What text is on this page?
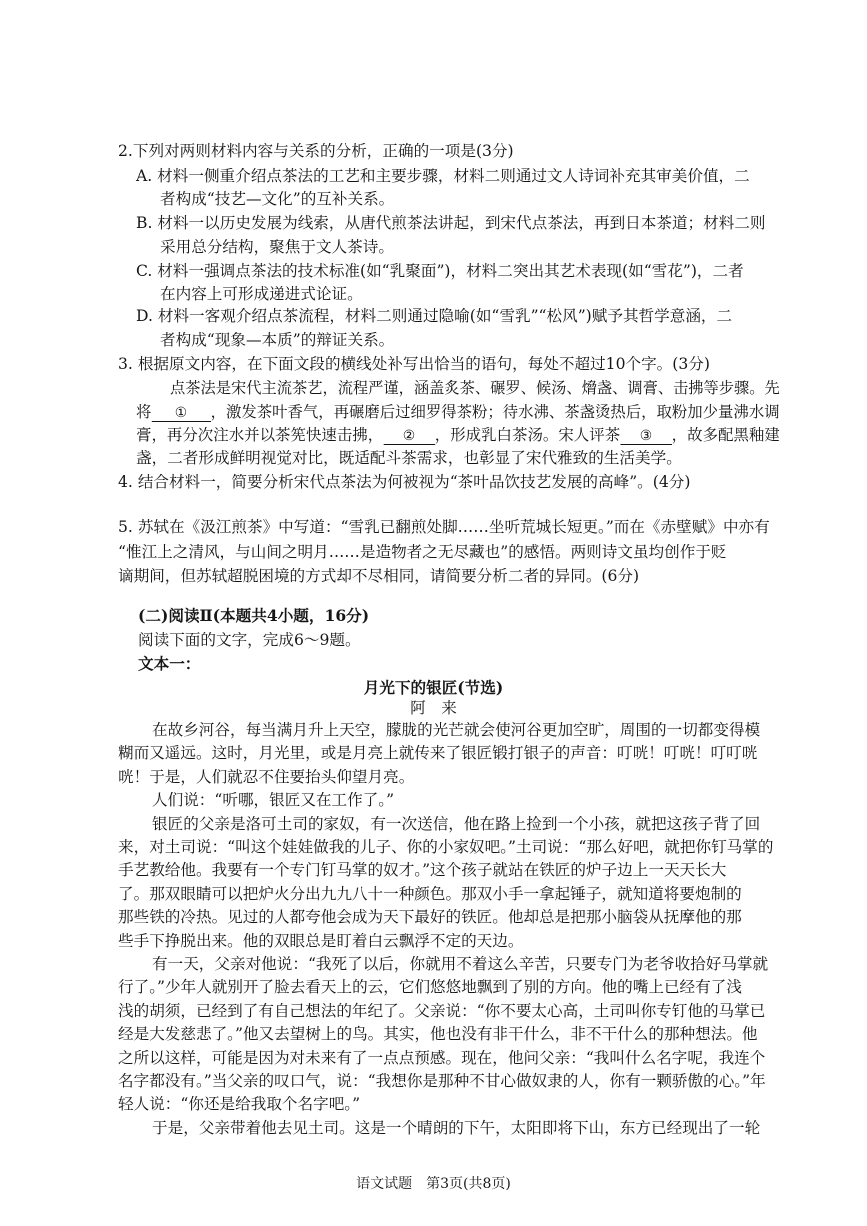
2.下列对两则材料内容与关系的分析，正确的一项是(3分)
A. 材料一侧重介绍点茶法的工艺和主要步骤，材料二则通过文人诗词补充其审美价值，二
者构成“技艺—文化”的互补关系。
B. 材料一以历史发展为线索，从唐代煎茶法讲起，到宋代点茶法，再到日本茶道；材料二则
采用总分结构，聚焦于文人茶诗。
C. 材料一强调点茶法的技术标准(如“乳聚面”)，材料二突出其艺术表现(如“雪花”)，二者
在内容上可形成递进式论证。
D. 材料一客观介绍点茶流程，材料二则通过隐喻(如“雪乳”“松风”)赋予其哲学意涵，二
者构成“现象—本质”的辩证关系。
3. 根据原文内容，在下面文段的横线处补写出恰当的语句，每处不超过10个字。(3分)
点茶法是宋代主流茶艺，流程严谨，涵盖炙茶、碾罗、候汤、熁盏、调膏、击拂等步骤。先
将 ① ，激发茶叶香气，再碾磨后过细罗得茶粉；待水沸、茶盏烫热后，取粉加少量沸水调
膏，再分次注水并以茶筅快速击拂， ② ，形成乳白茶汤。宋人评茶 ③ ，故多配黑釉建
盏，二者形成鲜明视觉对比，既适配斗茶需求，也彰显了宋代雅致的生活美学。
4. 结合材料一，简要分析宋代点茶法为何被视为“茶叶品饮技艺发展的高峰”。(4分)
5. 苏轼在《汲江煎茶》中写道：“雪乳已翻煎处脚……坐听荒城长短更。”而在《赤壁赋》中亦有
“惟江上之清风，与山间之明月……是造物者之无尽藏也”的感悟。两则诗文虽均创作于贬
谪期间，但苏轼超脱困境的方式却不尽相同，请简要分析二者的异同。(6分)
(二)阅读Ⅱ(本题共4小题，16分)
阅读下面的文字，完成6～9题。
文本一：
月光下的银匠(节选)
阿　来
在故乡河谷，每当满月升上天空，朦胧的光芒就会使河谷更加空旷，周围的一切都变得模
糊而又遥远。这时，月光里，或是月亮上就传来了银匠锻打银子的声音：叮咣！叮咣！叮叮咣
咣！于是，人们就忍不住要抬头仰望月亮。
人们说：“听哪，银匠又在工作了。”
银匠的父亲是洛可土司的家奴，有一次送信，他在路上捡到一个小孩，就把这孩子背了回
来，对土司说：“叫这个娃娃做我的儿子、你的小家奴吧。”土司说：“那么好吧，就把你钉马掌的
手艺教给他。我要有一个专门钉马掌的奴才。”这个孩子就站在铁匠的炉子边上一天天长大
了。那双眼睛可以把炉火分出九九八十一种颜色。那双小手一拿起锤子，就知道将要炮制的
那些铁的冷热。见过的人都夸他会成为天下最好的铁匠。他却总是把那小脑袋从抚摩他的那
些手下挣脱出来。他的双眼总是盯着白云飘浮不定的天边。
有一天，父亲对他说：“我死了以后，你就用不着这么辛苦，只要专门为老爷收拾好马掌就
行了。”少年人就别开了脸去看天上的云，它们悠悠地飘到了别的方向。他的嘴上已经有了浅
浅的胡须，已经到了有自己想法的年纪了。父亲说：“你不要太心高，土司叫你专钉他的马掌已
经是大发慈悲了。”他又去望树上的鸟。其实，他也没有非干什么，非不干什么的那种想法。他
之所以这样，可能是因为对未来有了一点点预感。现在，他问父亲：“我叫什么名字呢，我连个
名字都没有。”当父亲的叹口气，说：“我想你是那种不甘心做奴隶的人，你有一颗骄傲的心。”年
轻人说：“你还是给我取个名字吧。”
于是，父亲带着他去见土司。这是一个晴朗的下午，太阳即将下山，东方已经现出了一轮
语文试题　第3页(共8页)
